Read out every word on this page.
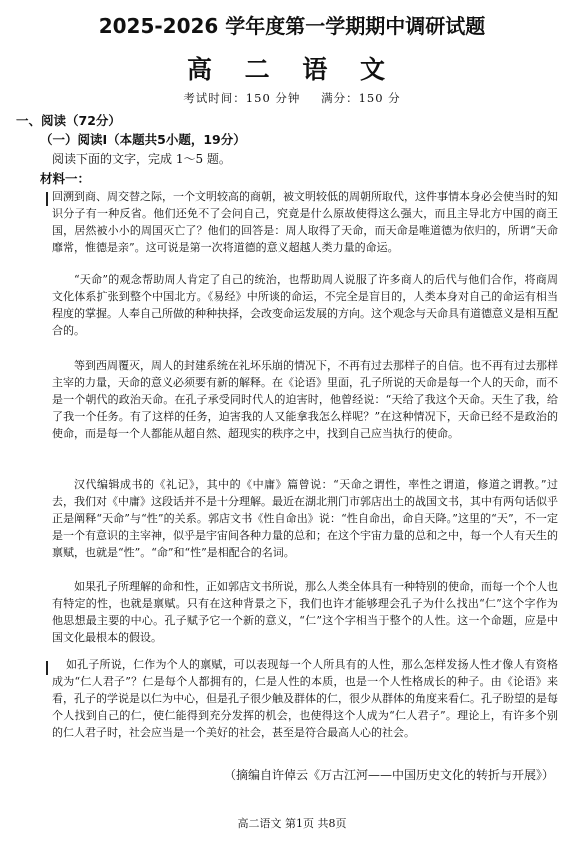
2025-2026 学年度第一学期期中调研试题
高 二 语 文
考试时间：150 分钟 满分：150 分
一、阅读（72分）
（一）阅读Ⅰ（本题共5小题，19分）
阅读下面的文字，完成 1～5 题。
材料一：
回溯到商、周交替之际，一个文明较高的商朝，被文明较低的周朝所取代，这件事情本身必会使当时的知识分子有一种反省。他们还免不了会问自己，究竟是什么原故使得这么强大，而且主导北方中国的商王国，居然被小小的周国灭亡了？他们的回答是：周人取得了天命，而天命是唯道德为依归的，所谓“天命靡常，惟德是亲”。这可说是第一次将道德的意义超越人类力量的命运。
“天命”的观念帮助周人肯定了自己的统治，也帮助周人说服了许多商人的后代与他们合作，将商周文化体系扩张到整个中国北方。《易经》中所谈的命运，不完全是盲目的，人类本身对自己的命运有相当程度的掌握。人奉自己所做的种种抉择，会改变命运发展的方向。这个观念与天命具有道德意义是相互配合的。
等到西周覆灭，周人的封建系统在礼坏乐崩的情况下，不再有过去那样子的自信。也不再有过去那样主宰的力量，天命的意义必须要有新的解释。在《论语》里面，孔子所说的天命是每一个人的天命，而不是一个朝代的政治天命。在孔子承受同时代人的迫害时，他曾经说：“天给了我这个天命。天生了我，给了我一个任务。有了这样的任务，迫害我的人又能拿我怎么样呢？”在这种情况下，天命已经不是政治的使命，而是每一个人都能从超自然、超现实的秩序之中，找到自己应当执行的使命。
汉代编辑成书的《礼记》，其中的《中庸》篇曾说：“天命之谓性，率性之谓道，修道之谓教。”过去，我们对《中庸》这段话并不是十分理解。最近在湖北荆门市郭店出土的战国文书，其中有两句话似乎正是阐释“天命”与“性”的关系。郭店文书《性自命出》说：“性自命出，命自天降。”这里的“天”，不一定是一个有意识的主宰神，似乎是宇宙间各种力量的总和；在这个宇宙力量的总和之中，每一个人有天生的禀赋，也就是“性”。“命”和“性”是相配合的名词。
如果孔子所理解的命和性，正如郭店文书所说，那么人类全体具有一种特别的使命，而每一个个人也有特定的性，也就是禀赋。只有在这种背景之下，我们也许才能够理会孔子为什么找出“仁”这个字作为他思想最主要的中心。孔子赋予它一个新的意义，“仁”这个字相当于整个的人性。这一个命题，应是中国文化最根本的假设。
如孔子所说，仁作为个人的禀赋，可以表现每一个人所具有的人性，那么怎样发扬人性才像人有资格成为“仁人君子”？仁是每个人都拥有的，仁是人性的本质，也是一个人性格成长的种子。由《论语》来看，孔子的学说是以仁为中心，但是孔子很少触及群体的仁，很少从群体的角度来看仁。孔子盼望的是每个人找到自己的仁，使仁能得到充分发挥的机会，也使得这个人成为“仁人君子”。理论上，有许多个别的仁人君子时，社会应当是一个美好的社会，甚至是符合最高人心的社会。
（摘编自许倬云《万古江河——中国历史文化的转折与开展》）
高二语文 第1页 共8页
